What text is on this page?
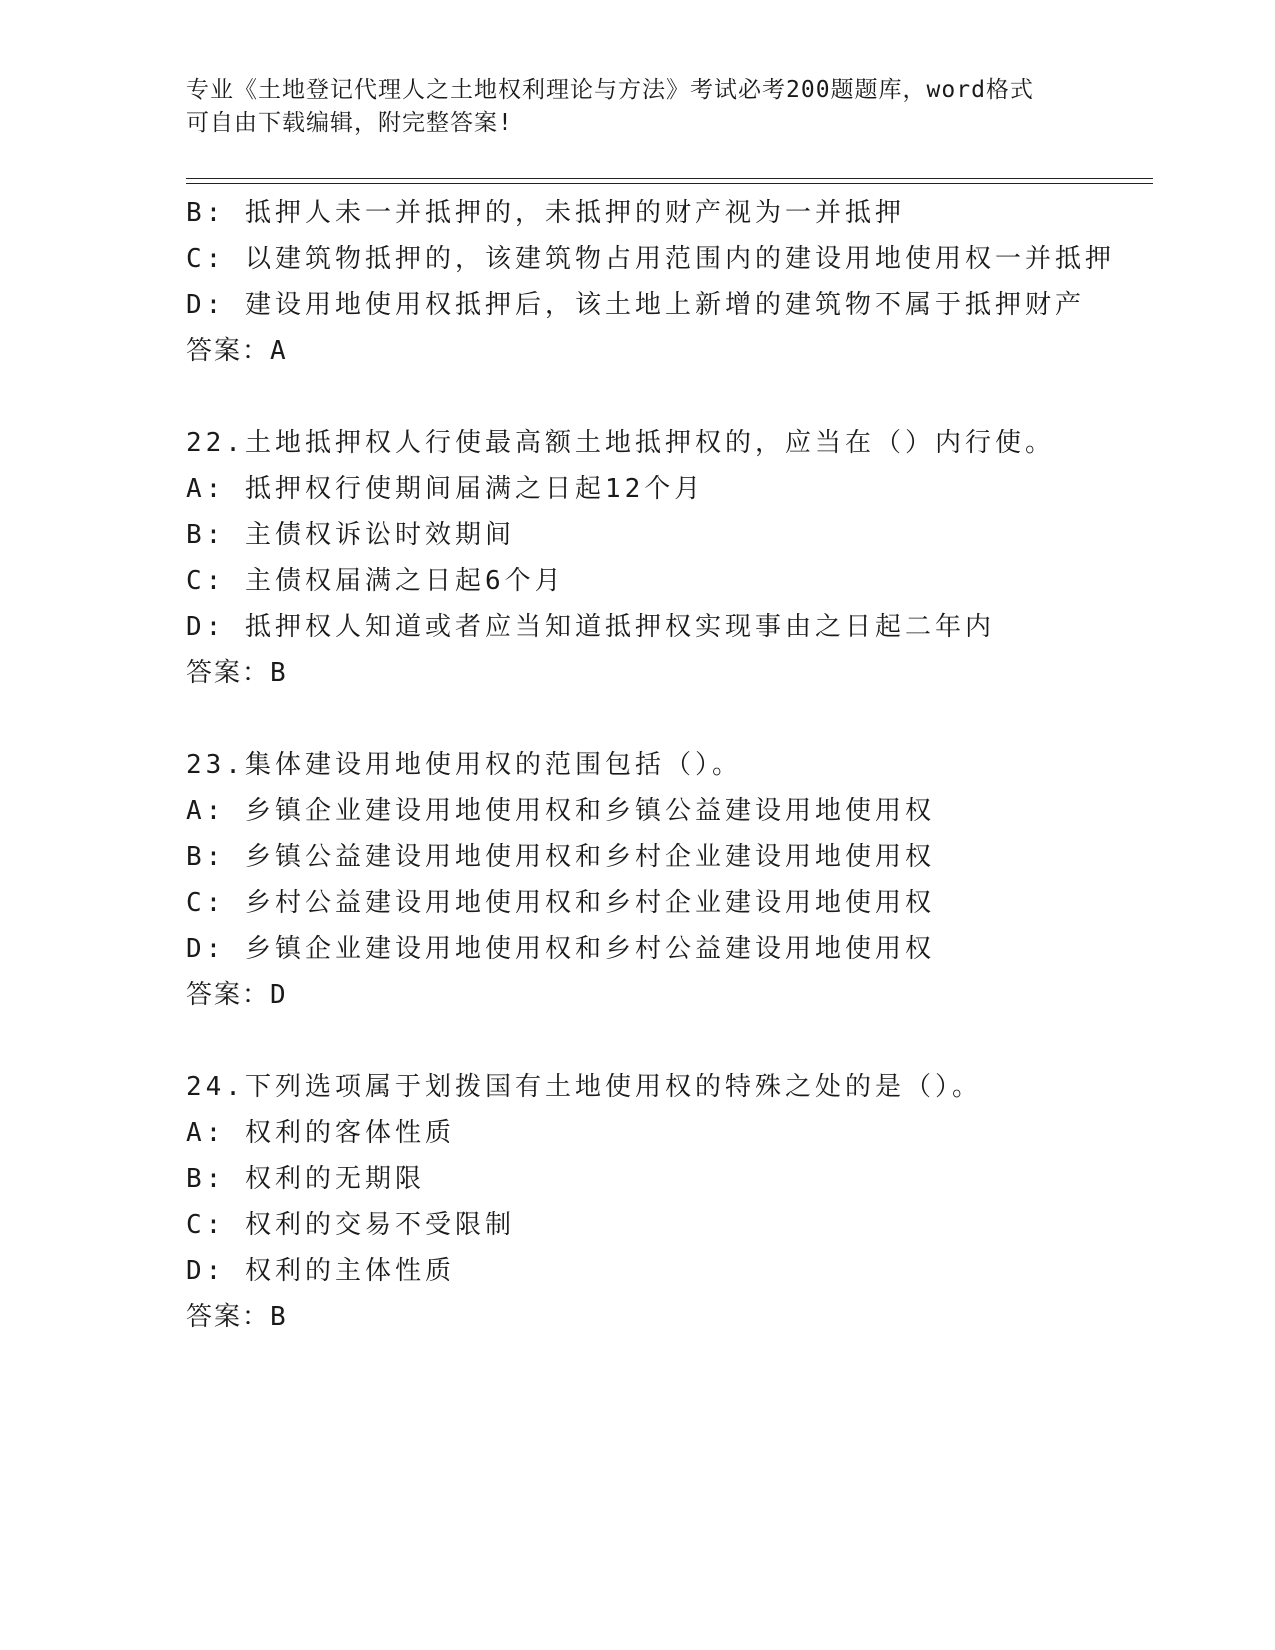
专业《土地登记代理人之土地权利理论与方法》考试必考200题题库，word格式
可自由下载编辑，附完整答案!
B: 抵押人未一并抵押的，未抵押的财产视为一并抵押
C: 以建筑物抵押的，该建筑物占用范围内的建设用地使用权一并抵押
D: 建设用地使用权抵押后，该土地上新增的建筑物不属于抵押财产
答案：A
22.土地抵押权人行使最高额土地抵押权的，应当在（）内行使。
A: 抵押权行使期间届满之日起12个月
B: 主债权诉讼时效期间
C: 主债权届满之日起6个月
D: 抵押权人知道或者应当知道抵押权实现事由之日起二年内
答案：B
23.集体建设用地使用权的范围包括（）。
A: 乡镇企业建设用地使用权和乡镇公益建设用地使用权
B: 乡镇公益建设用地使用权和乡村企业建设用地使用权
C: 乡村公益建设用地使用权和乡村企业建设用地使用权
D: 乡镇企业建设用地使用权和乡村公益建设用地使用权
答案：D
24.下列选项属于划拨国有土地使用权的特殊之处的是（）。
A: 权利的客体性质
B: 权利的无期限
C: 权利的交易不受限制
D: 权利的主体性质
答案：B
